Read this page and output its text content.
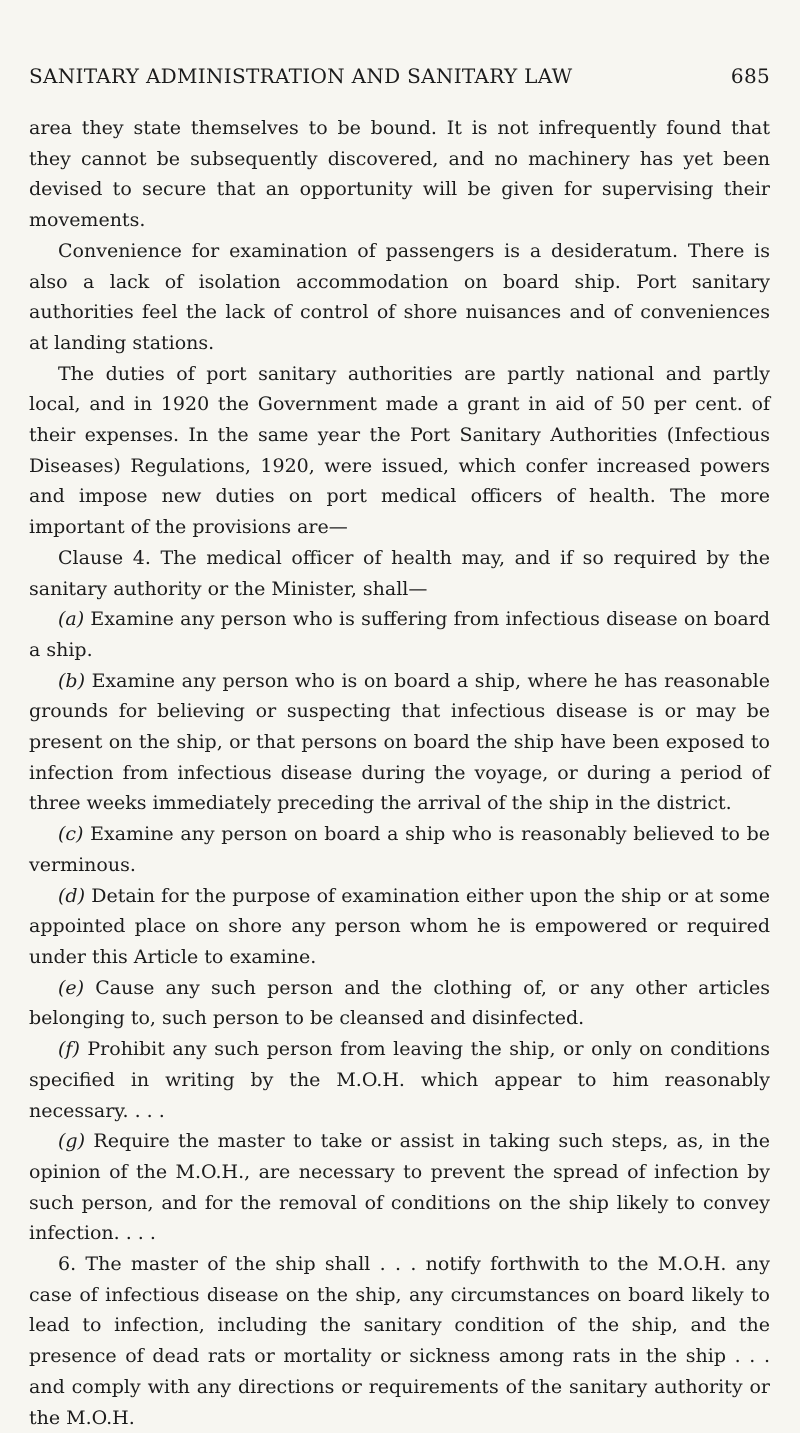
SANITARY ADMINISTRATION AND SANITARY LAW	685

area they state themselves to be bound. It is not infrequently found that they cannot be subsequently discovered, and no machinery has yet been devised to secure that an opportunity will be given for supervising their movements.

Convenience for examination of passengers is a desideratum. There is also a lack of isolation accommodation on board ship. Port sanitary authorities feel the lack of control of shore nuisances and of conveniences at landing stations.

The duties of port sanitary authorities are partly national and partly local, and in 1920 the Government made a grant in aid of 50 per cent. of their expenses. In the same year the Port Sanitary Authorities (Infectious Diseases) Regulations, 1920, were issued, which confer increased powers and impose new duties on port medical officers of health. The more important of the provisions are—

Clause 4. The medical officer of health may, and if so required by the sanitary authority or the Minister, shall—

(a) Examine any person who is suffering from infectious disease on board a ship.

(b) Examine any person who is on board a ship, where he has reasonable grounds for believing or suspecting that infectious disease is or may be present on the ship, or that persons on board the ship have been exposed to infection from infectious disease during the voyage, or during a period of three weeks immediately preceding the arrival of the ship in the district.

(c) Examine any person on board a ship who is reasonably believed to be verminous.

(d) Detain for the purpose of examination either upon the ship or at some appointed place on shore any person whom he is empowered or required under this Article to examine.

(e) Cause any such person and the clothing of, or any other articles belonging to, such person to be cleansed and disinfected.

(f) Prohibit any such person from leaving the ship, or only on conditions specified in writing by the M.O.H. which appear to him reasonably necessary. . . .

(g) Require the master to take or assist in taking such steps, as, in the opinion of the M.O.H., are necessary to prevent the spread of infection by such person, and for the removal of conditions on the ship likely to convey infection. . . .

6. The master of the ship shall . . . notify forthwith to the M.O.H. any case of infectious disease on the ship, any circumstances on board likely to lead to infection, including the sanitary condition of the ship, and the presence of dead rats or mortality or sickness among rats in the ship . . . and comply with any directions or requirements of the sanitary authority or the M.O.H.
